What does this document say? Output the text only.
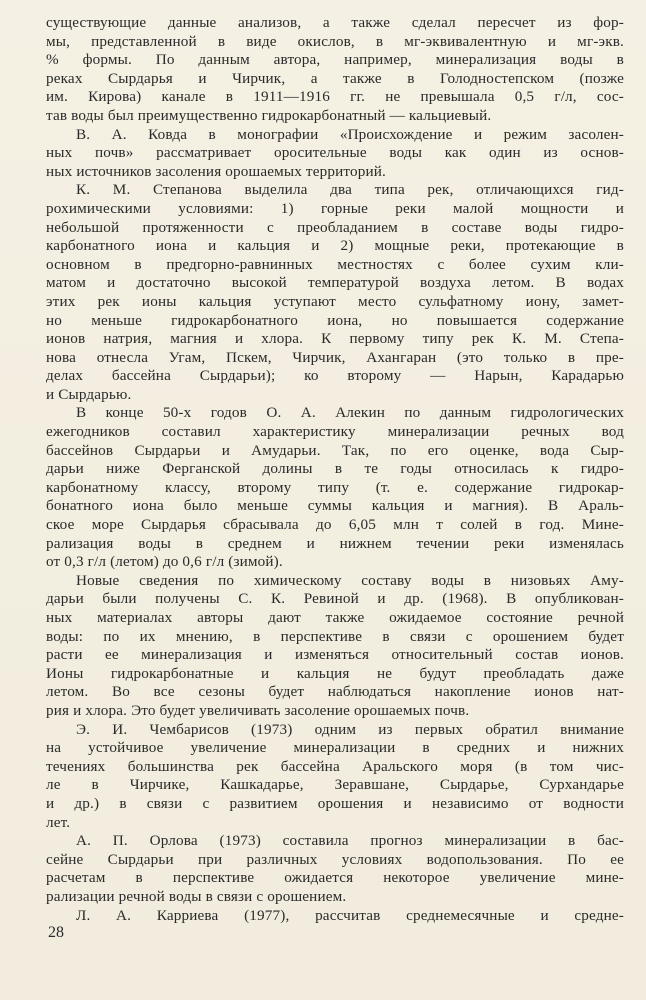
существующие данные анализов, а также сделал пересчет из фор-
мы, представленной в виде окислов, в мг-эквивалентную и мг-экв.
% формы. По данным автора, например, минерализация воды в
реках Сырдарья и Чирчик, а также в Голодностепском (позже
им. Кирова) канале в 1911—1916 гг. не превышала 0,5 г/л, сос-
тав воды был преимущественно гидрокарбонатный — кальциевый.
В. А. Ковда в монографии «Происхождение и режим засолен-
ных почв» рассматривает оросительные воды как один из основ-
ных источников засоления орошаемых территорий.
К. М. Степанова выделила два типа рек, отличающихся гид-
рохимическими условиями: 1) горные реки малой мощности и
небольшой протяженности с преобладанием в составе воды гидро-
карбонатного иона и кальция и 2) мощные реки, протекающие в
основном в предгорно-равнинных местностях с более сухим кли-
матом и достаточно высокой температурой воздуха летом. В водах
этих рек ионы кальция уступают место сульфатному иону, замет-
но меньше гидрокарбонатного иона, но повышается содержание
ионов натрия, магния и хлора. К первому типу рек К. М. Степа-
нова отнесла Угам, Пскем, Чирчик, Ахангаран (это только в пре-
делах бассейна Сырдарьи); ко второму — Нарын, Карадарью
и Сырдарью.
В конце 50-х годов О. А. Алекин по данным гидрологических
ежегодников составил характеристику минерализации речных вод
бассейнов Сырдарьи и Амударьи. Так, по его оценке, вода Сыр-
дарьи ниже Ферганской долины в те годы относилась к гидро-
карбонатному классу, второму типу (т. е. содержание гидрокар-
бонатного иона было меньше суммы кальция и магния). В Араль-
ское море Сырдарья сбрасывала до 6,05 млн т солей в год. Мине-
рализация воды в среднем и нижнем течении реки изменялась
от 0,3 г/л (летом) до 0,6 г/л (зимой).
Новые сведения по химическому составу воды в низовьях Аму-
дарьи были получены С. К. Ревиной и др. (1968). В опубликован-
ных материалах авторы дают также ожидаемое состояние речной
воды: по их мнению, в перспективе в связи с орошением будет
расти ее минерализация и изменяться относительный состав ионов.
Ионы гидрокарбонатные и кальция не будут преобладать даже
летом. Во все сезоны будет наблюдаться накопление ионов нат-
рия и хлора. Это будет увеличивать засоление орошаемых почв.
Э. И. Чембарисов (1973) одним из первых обратил внимание
на устойчивое увеличение минерализации в средних и нижних
течениях большинства рек бассейна Аральского моря (в том чис-
ле в Чирчике, Кашкадарье, Зеравшане, Сырдарье, Сурхандарье
и др.) в связи с развитием орошения и независимо от водности
лет.
А. П. Орлова (1973) составила прогноз минерализации в бас-
сейне Сырдарьи при различных условиях водопользования. По ее
расчетам в перспективе ожидается некоторое увеличение мине-
рализации речной воды в связи с орошением.
Л. А. Карриева (1977), рассчитав среднемесячные и средне-
28
